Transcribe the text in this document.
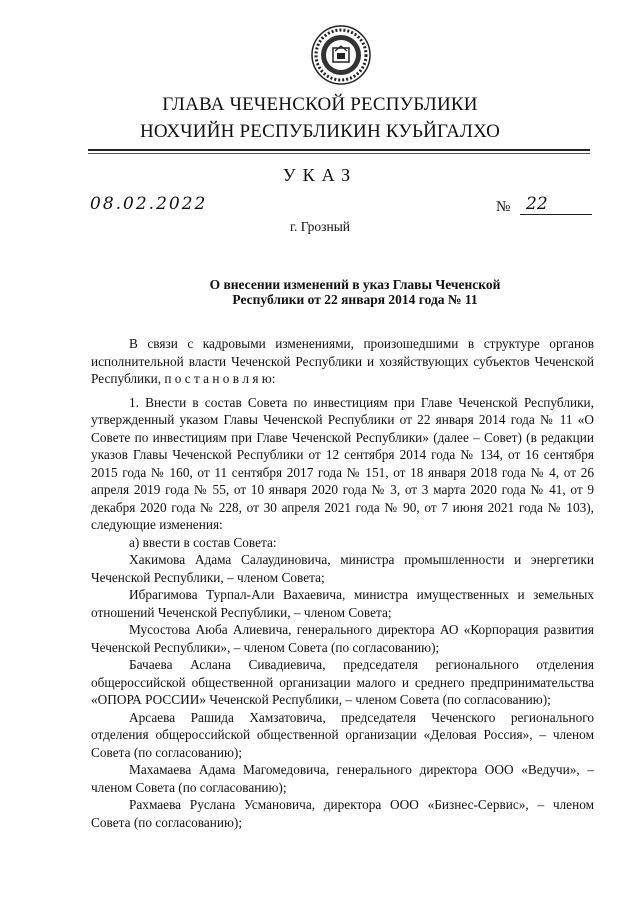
ГЛАВА ЧЕЧЕНСКОЙ РЕСПУБЛИКИ
НОХЧИЙН РЕСПУБЛИКИН КУЬЙГАЛХО
УКАЗ
08.02.2022	№ 22
г. Грозный
О внесении изменений в указ Главы Чеченской
Республики от 22 января 2014 года № 11

В связи с кадровыми изменениями, произошедшими в структуре органов исполнительной власти Чеченской Республики и хозяйствующих субъектов Чеченской Республики, п о с т а н о в л я ю:

1. Внести в состав Совета по инвестициям при Главе Чеченской Республики, утвержденный указом Главы Чеченской Республики от 22 января 2014 года № 11 «О Совете по инвестициям при Главе Чеченской Республики» (далее – Совет) (в редакции указов Главы Чеченской Республики от 12 сентября 2014 года № 134, от 16 сентября 2015 года № 160, от 11 сентября 2017 года № 151, от 18 января 2018 года № 4, от 26 апреля 2019 года № 55, от 10 января 2020 года № 3, от 3 марта 2020 года № 41, от 9 декабря 2020 года № 228, от 30 апреля 2021 года № 90, от 7 июня 2021 года № 103), следующие изменения:

а) ввести в состав Совета:

Хакимова Адама Салаудиновича, министра промышленности и энергетики Чеченской Республики, – членом Совета;

Ибрагимова Турпал-Али Вахаевича, министра имущественных и земельных отношений Чеченской Республики, – членом Совета;

Мусостова Аюба Алиевича, генерального директора АО «Корпорация развития Чеченской Республики», – членом Совета (по согласованию);

Бачаева Аслана Сивадиевича, председателя регионального отделения общероссийской общественной организации малого и среднего предпринимательства «ОПОРА РОССИИ» Чеченской Республики, – членом Совета (по согласованию);

Арсаева Рашида Хамзатовича, председателя Чеченского регионального отделения общероссийской общественной организации «Деловая Россия», – членом Совета (по согласованию);

Махамаева Адама Магомедовича, генерального директора ООО «Ведучи», – членом Совета (по согласованию);

Рахмаева Руслана Усмановича, директора ООО «Бизнес-Сервис», – членом Совета (по согласованию);
